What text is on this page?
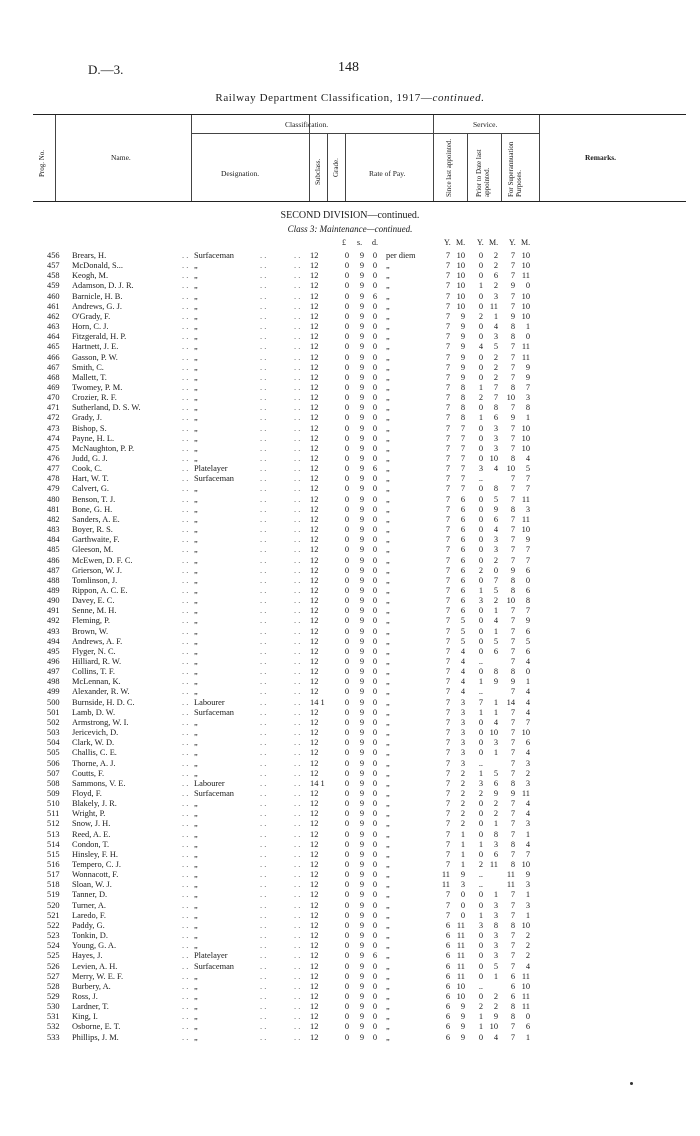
D.—3.	148
Railway Department Classification, 1917—continued.
Prog. No.	Name.
Classification.
Designation.	Subclass. Grade.	Rate of Pay.
Service.
Since last appointed.	Prior to Date last appointed. For Superannuation Purposes.
Remarks.
SECOND DIVISION—continued.
Class 3: Maintenance—continued.
£ s. d.	Y. M. Y. M. Y. M.
456 Brears, H.	Surfaceman	12	0	9	0	per diem	7 10	0	2	7 10
. .	. .	. .
457 McDonald, S...	„	12	0	9	0	„	7 10	0	2	7 10
. .	. .	. .
458 Keogh, M.	„	12	0	9	0	„	7 10	0	6	7 11
. .	. .	. .
459 Adamson, D. J. R.	„	12	0	9	0	„	7 10	1	2	9	0
. .	. .	. .
460 Barnicle, H. B.	„	12	0	9	6	„	7 10	0	3	7 10
. .	. .	. .
461 Andrews, G. J.	„	12	0	9	0	„	7 10	0 11	7 10
. .	. .	. .
462 O'Grady, F.	„	12	0	9	0	„	7	9	2	1	9 10
. .	. .	. .
463 Horn, C. J.	„	12	0	9	0	„	7	9	0	4	8	1
. .	. .	. .
464 Fitzgerald, H. P.	„	12	0	9	0	„	7	9	0	3	8	0
. .	. .	. .
465 Hartnett, J. E.	„	12	0	9	0	„	7	9	4	5	7 11
. .	. .	. .
466 Gasson, P. W.	„	12	0	9	0	„	7	9	0	2	7 11
. .	. .	. .
467 Smith, C.	„	12	0	9	0	„	7	9	0	2	7	9
. .	. .	. .
468 Mallett, T.	„	12	0	9	0	„	7	9	0	2	7	9
. .	. .	. .
469 Twomey, P. M.	„	12	0	9	0	„	7	8	1	7	8	7
. .	. .	. .
470 Crozier, R. F.	„	12	0	9	0	„	7	8	2	7 10	3
. .	. .	. .
471 Sutherland, D. S. W.	„	12	0	9	0	„	7	8	0	8	7	8
. .	. .	. .
472 Grady, J.	„	12	0	9	0	„	7	8	1	6	9	1
. .	. .	. .
473 Bishop, S.	„	12	0	9	0	„	7	7	0	3	7 10
. .	. .	. .
474 Payne, H. L.	„	12	0	9	0	„	7	7	0	3	7 10
. .	. .	. .
475 McNaughton, P. P.	„	12	0	9	0	„	7	7	0	3	7 10
. .	. .	. .
476 Judd, G. J.	„	12	0	9	0	„	7	7	0 10	8	4
. .	. .	. .
477 Cook, C.	Platelayer	12	0	9	6	„	7	7	3	4 10	5
. .	. .	. .
478 Hart, W. T.	Surfaceman	12	0	9	0	„	7	7	..	7	7
. .	. .	. .
479 Calvert, G.	„	12	0	9	0	„	7	7	0	8	7	7
. .	. .	. .
480 Benson, T. J.	„	12	0	9	0	„	7	6	0	5	7 11
. .	. .	. .
481 Bone, G. H.	„	12	0	9	0	„	7	6	0	9	8	3
. .	. .	. .
482 Sanders, A. E.	„	12	0	9	0	„	7	6	0	6	7 11
. .	. .	. .
483 Boyer, R. S.	„	12	0	9	0	„	7	6	0	4	7 10
. .	. .	. .
484 Garthwaite, F.	„	12	0	9	0	„	7	6	0	3	7	9
. .	. .	. .
485 Gleeson, M.	„	12	0	9	0	„	7	6	0	3	7	7
. .	. .	. .
486 McEwen, D. F. C.	„	12	0	9	0	„	7	6	0	2	7	7
. .	. .	. .
487 Grierson, W. J.	„	12	0	9	0	„	7	6	2	0	9	6
. .	. .	. .
488 Tomlinson, J.	„	12	0	9	0	„	7	6	0	7	8	0
. .	. .	. .
489 Rippon, A. C. E.	„	12	0	9	0	„	7	6	1	5	8	6
. .	. .	. .
490 Davey, E. C.	„	12	0	9	0	„	7	6	3	2 10	8
. .	. .	. .
491 Senne, M. H.	„	12	0	9	0	„	7	6	0	1	7	7
. .	. .	. .
492 Fleming, P.	„	12	0	9	0	„	7	5	0	4	7	9
. .	. .	. .
493 Brown, W.	„	12	0	9	0	„	7	5	0	1	7	6
. .	. .	. .
494 Andrews, A. F.	„	12	0	9	0	„	7	5	0	5	7	5
. .	. .	. .
495 Flyger, N. C.	„	12	0	9	0	„	7	4	0	6	7	6
. .	. .	. .
496 Hilliard, R. W.	„	12	0	9	0	„	7	4	..	7	4
. .	. .	. .
497 Collins, T. F.	„	12	0	9	0	„	7	4	0	8	8	0
. .	. .	. .
498 McLennan, K.	„	12	0	9	0	„	7	4	1	9	9	1
. .	. .	. .
499 Alexander, R. W.	„	12	0	9	0	„	7	4	..	7	4
. .	. .	. .
500 Burnside, H. D. C.	Labourer	14 1	0	9	0	„	7	3	7	1 14	4
. .	. .	. .
501 Lamb, D. W.	Surfaceman	12	0	9	0	„	7	3	1	1	7	4
. .	. .	. .
502 Armstrong, W. I.	„	12	0	9	0	„	7	3	0	4	7	7
. .	. .	. .
503 Jericevich, D.	„	12	0	9	0	„	7	3	0 10	7 10
. .	. .	. .
504 Clark, W. D.	„	12	0	9	0	„	7	3	0	3	7	6
. .	. .	. .
505 Challis, C. E.	„	12	0	9	0	„	7	3	0	1	7	4
. .	. .	. .
506 Thorne, A. J.	„	12	0	9	0	„	7	3	..	7	3
. .	. .	. .
507 Coutts, F.	„	12	0	9	0	„	7	2	1	5	7	2
. .	. .	. .
508 Sammons, V. E.	Labourer	14 1	0	9	0	„	7	2	3	6	8	3
. .	. .	. .
509 Floyd, F.	Surfaceman	12	0	9	0	„	7	2	2	9	9 11
. .	. .	. .
510 Blakely, J. R.	„	12	0	9	0	„	7	2	0	2	7	4
. .	. .	. .
511 Wright, P.	„	12	0	9	0	„	7	2	0	2	7	4
. .	. .	. .
512 Snow, J. H.	„	12	0	9	0	„	7	2	0	1	7	3
. .	. .	. .
513 Reed, A. E.	„	12	0	9	0	„	7	1	0	8	7	1
. .	. .	. .
514 Condon, T.	„	12	0	9	0	„	7	1	1	3	8	4
. .	. .	. .
515 Hinsley, F. H.	„	12	0	9	0	„	7	1	0	6	7	7
. .	. .	. .
516 Tempero, C. J.	„	12	0	9	0	„	7	1	2 11	8 10
. .	. .	. .
517 Wonnacott, F.	„	12	0	9	0	„	11	9	..	11	9
. .	. .	. .
518 Sloan, W. J.	„	12	0	9	0	„	11	3	..	11	3
. .	. .	. .
519 Tanner, D.	„	12	0	9	0	„	7	0	0	1	7	1
. .	. .	. .
520 Turner, A.	„	12	0	9	0	„	7	0	0	3	7	3
. .	. .	. .
521 Laredo, F.	„	12	0	9	0	„	7	0	1	3	7	1
. .	. .	. .
522 Paddy, G.	„	12	0	9	0	„	6 11	3	8	8 10
. .	. .	. .
523 Tonkin, D.	„	12	0	9	0	„	6 11	0	3	7	2
. .	. .	. .
524 Young, G. A.	„	12	0	9	0	„	6 11	0	3	7	2
. .	. .	. .
525 Hayes, J.	Platelayer	12	0	9	6	„	6 11	0	3	7	2
. .	. .	. .
526 Levien, A. H.	Surfaceman	12	0	9	0	„	6 11	0	5	7	4
. .	. .	. .
527 Merry, W. E. F.	„	12	0	9	0	„	6 11	0	1	6 11
. .	. .	. .
528 Burbery, A.	„	12	0	9	0	„	6 10	..	6 10
. .	. .	. .
529 Ross, J.	„	12	0	9	0	„	6 10	0	2	6 11
. .	. .	. .
530 Lardner, T.	„	12	0	9	0	„	6	9	2	2	8 11
. .	. .	. .
531 King, I.	„	12	0	9	0	„	6	9	1	9	8	0
. .	. .	. .
532 Osborne, E. T.	„	12	0	9	0	„	6	9	1 10	7	6
. .	. .	. .
533 Phillips, J. M.	„	12	0	9	0	„	6	9	0	4	7	1
. .	. .	. .
